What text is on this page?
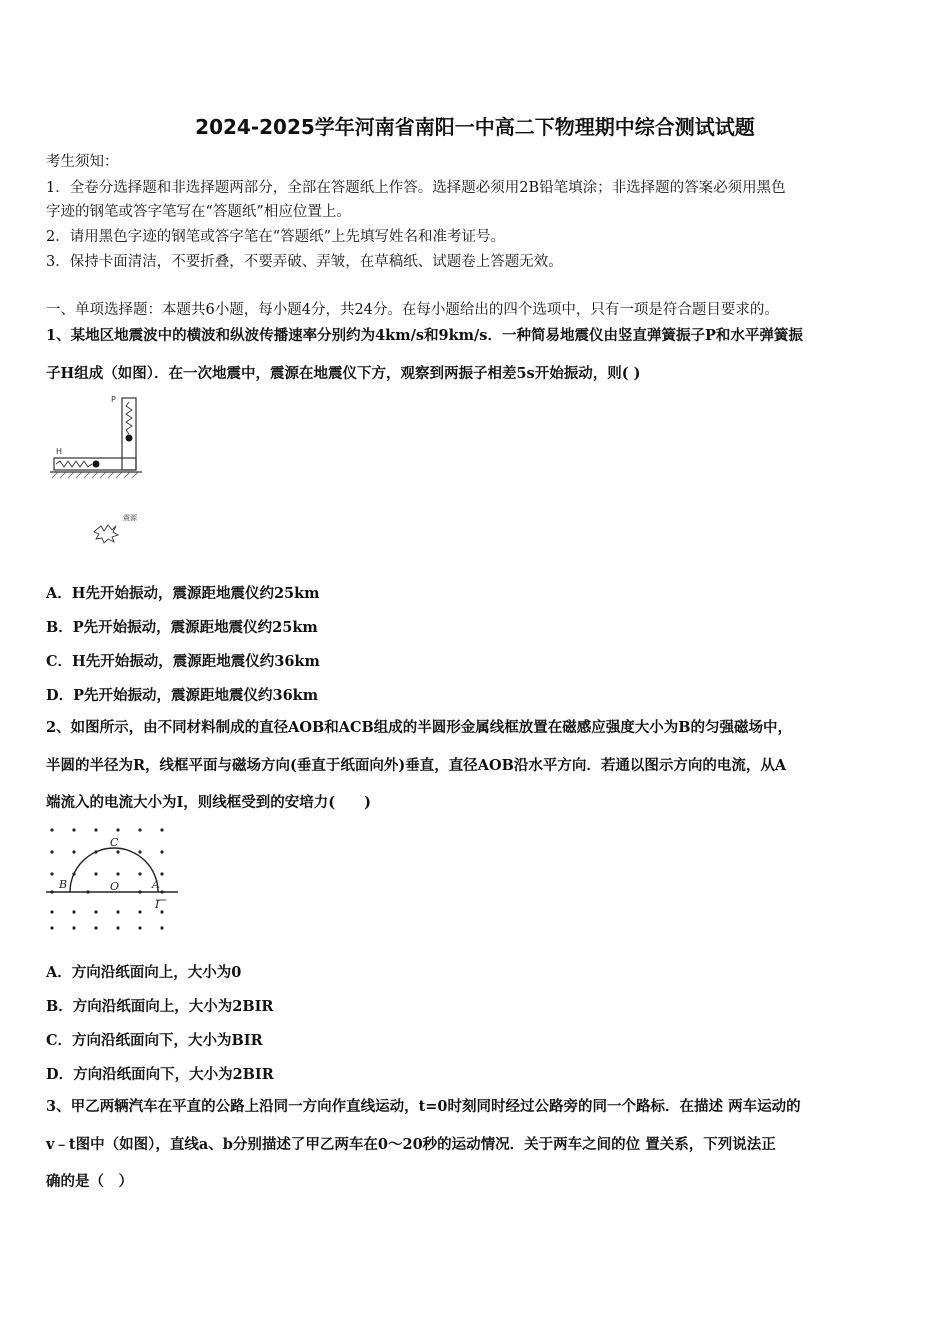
2024-2025学年河南省南阳一中高二下物理期中综合测试试题
考生须知：
1．全卷分选择题和非选择题两部分，全部在答题纸上作答。选择题必须用2B铅笔填涂；非选择题的答案必须用黑色
字迹的钢笔或答字笔写在“答题纸”相应位置上。
2．请用黑色字迹的钢笔或答字笔在“答题纸”上先填写姓名和准考证号。
3．保持卡面清洁，不要折叠，不要弄破、弄皱，在草稿纸、试题卷上答题无效。
一、单项选择题：本题共6小题，每小题4分，共24分。在每小题给出的四个选项中，只有一项是符合题目要求的。
1、某地区地震波中的横波和纵波传播速率分别约为4km/s和9km/s．一种简易地震仪由竖直弹簧振子P和水平弹簧振
子H组成（如图）．在一次地震中，震源在地震仪下方，观察到两振子相差5s开始振动，则( )
P
H
震源
A．H先开始振动，震源距地震仪约25km
B．P先开始振动，震源距地震仪约25km
C．H先开始振动，震源距地震仪约36km
D．P先开始振动，震源距地震仪约36km
2、如图所示，由不同材料制成的直径AOB和ACB组成的半圆形金属线框放置在磁感应强度大小为B的匀强磁场中，
半圆的半径为R，线框平面与磁场方向(垂直于纸面向外)垂直，直径AOB沿水平方向．若通以图示方向的电流，从A
端流入的电流大小为I，则线框受到的安培力(　　)
C
B	O	A
I
A．方向沿纸面向上，大小为0
B．方向沿纸面向上，大小为2BIR
C．方向沿纸面向下，大小为BIR
D．方向沿纸面向下，大小为2BIR
3、甲乙两辆汽车在平直的公路上沿同一方向作直线运动，t=0时刻同时经过公路旁的同一个路标．在描述 两车运动的
v﹣t图中（如图），直线a、b分别描述了甲乙两车在0～20秒的运动情况．关于两车之间的位 置关系，下列说法正
确的是（　）
